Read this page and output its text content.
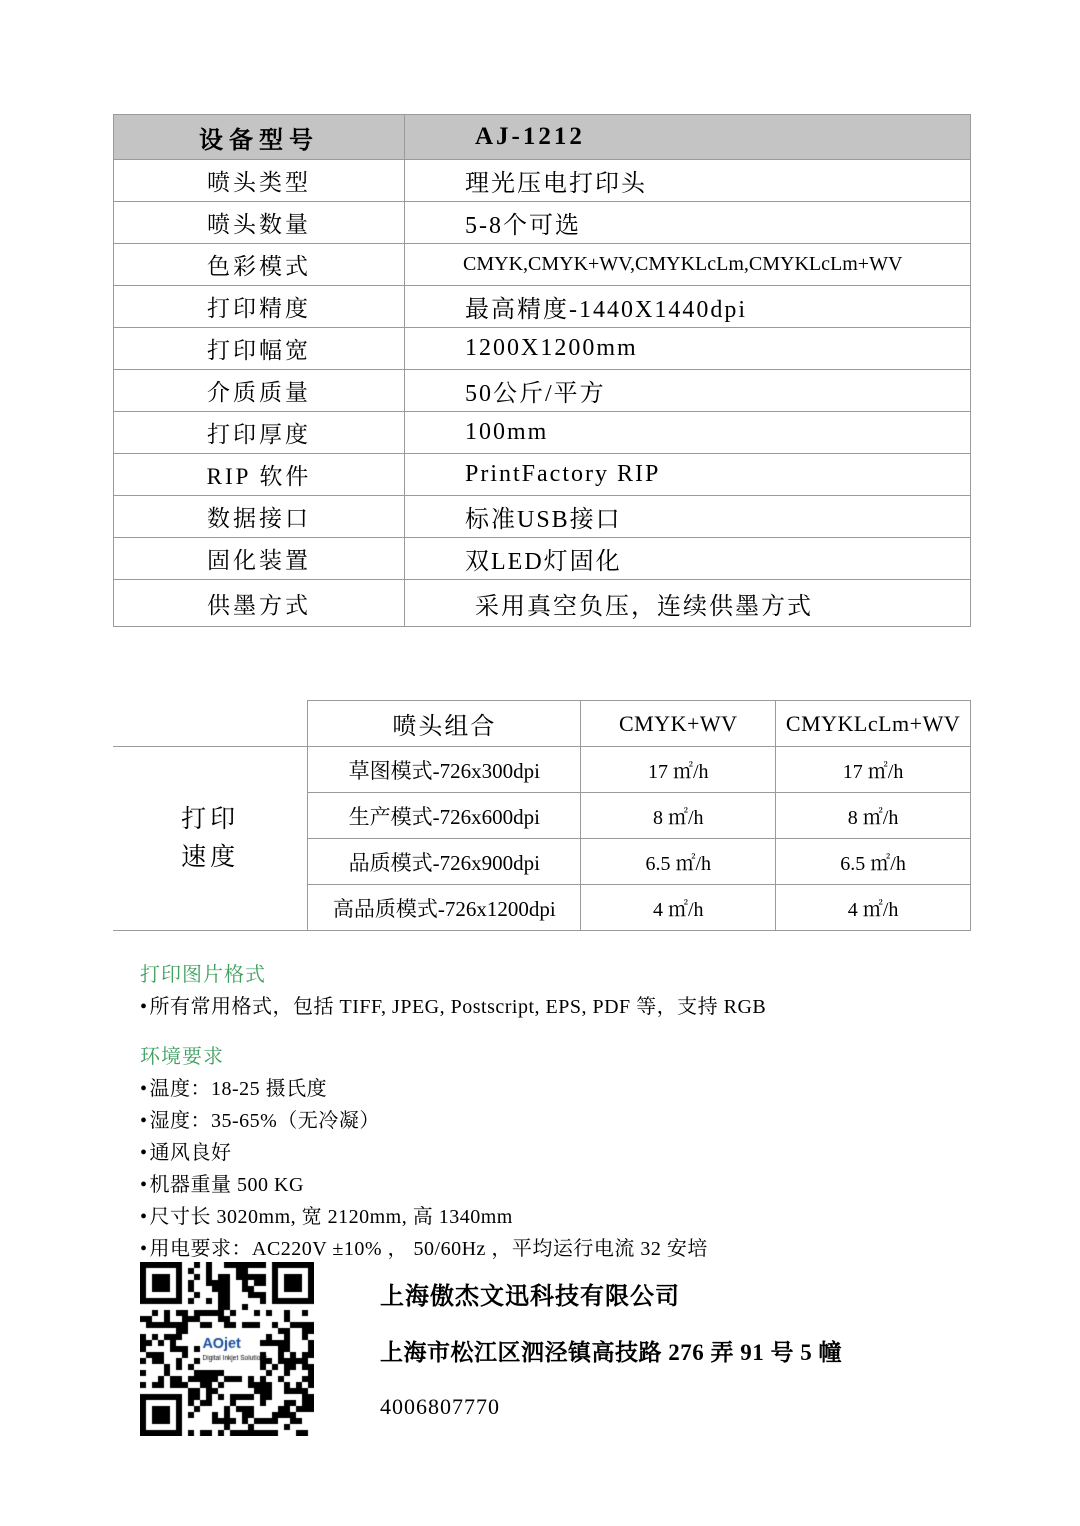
设备型号	AJ‑1212
喷头类型	理光压电打印头
喷头数量	5‑8个可选
色彩模式	CMYK,CMYK+WV,CMYKLcLm,CMYKLcLm+WV
打印精度	最高精度‑1440X1440dpi
打印幅宽	1200X1200mm
介质质量	50公斤/平方
打印厚度	100mm
RIP 软件	PrintFactory RIP
数据接口	标准USB接口
固化装置	双LED灯固化
供墨方式	采用真空负压，连续供墨方式
	喷头组合	CMYK+WV	CMYKLcLm+WV
打印
速度	草图模式-726x300dpi	17 ㎡/h	17 ㎡/h
	生产模式-726x600dpi	8 ㎡/h	8 ㎡/h
	品质模式-726x900dpi	6.5 ㎡/h	6.5 ㎡/h
	高品质模式-726x1200dpi	4 ㎡/h	4 ㎡/h
打印图片格式
• 所有常用格式，包括 TIFF, JPEG, Postscript, EPS, PDF 等，支持 RGB
环境要求
• 温度：18-25 摄氏度
• 湿度：35-65%（无冷凝）
• 通风良好
• 机器重量 500 KG
• 尺寸长 3020mm, 宽 2120mm, 高 1340mm
• 用电要求：AC220V ±10% ， 50/60Hz ，平均运行电流 32 安培
上海傲杰文迅科技有限公司
上海市松江区泗泾镇高技路 276 弄 91 号 5 幢
4006807770
